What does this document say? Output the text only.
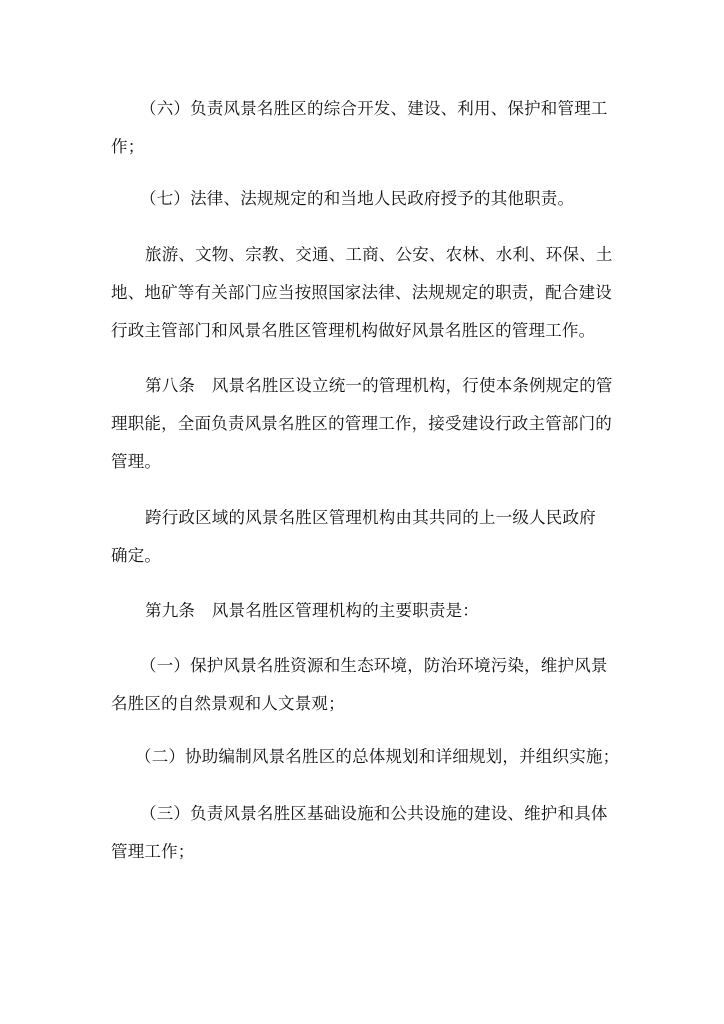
（六）负责风景名胜区的综合开发、建设、利用、保护和管理工
作；
（七）法律、法规规定的和当地人民政府授予的其他职责。
旅游、文物、宗教、交通、工商、公安、农林、水利、环保、土
地、地矿等有关部门应当按照国家法律、法规规定的职责，配合建设
行政主管部门和风景名胜区管理机构做好风景名胜区的管理工作。
第八条　风景名胜区设立统一的管理机构，行使本条例规定的管
理职能，全面负责风景名胜区的管理工作，接受建设行政主管部门的
管理。
跨行政区域的风景名胜区管理机构由其共同的上一级人民政府
确定。
第九条　风景名胜区管理机构的主要职责是：
（一）保护风景名胜资源和生态环境，防治环境污染，维护风景
名胜区的自然景观和人文景观；
（二）协助编制风景名胜区的总体规划和详细规划，并组织实施；
（三）负责风景名胜区基础设施和公共设施的建设、维护和具体
管理工作；
